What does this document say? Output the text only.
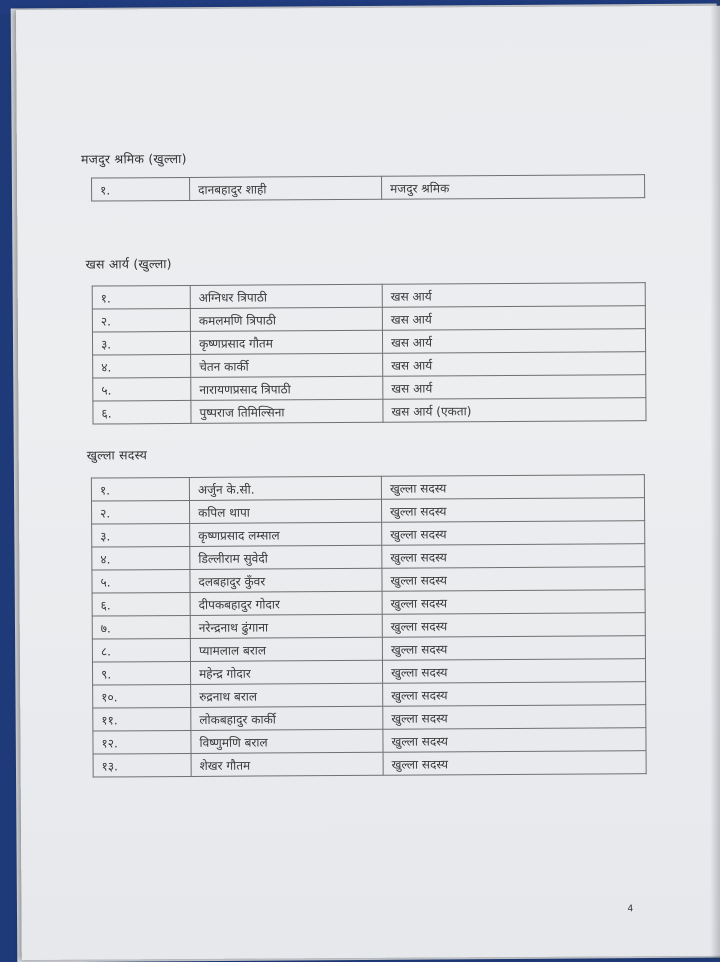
मजदुर श्रमिक (खुल्ला)
१.	दानबहादुर शाही	मजदुर श्रमिक
खस आर्य (खुल्ला)
१.	अग्निधर त्रिपाठी	खस आर्य
२.	कमलमणि त्रिपाठी	खस आर्य
३.	कृष्णप्रसाद गौतम	खस आर्य
४.	चेतन कार्की	खस आर्य
५.	नारायणप्रसाद त्रिपाठी	खस आर्य
६.	पुष्पराज तिमिल्सिना	खस आर्य (एकता)
खुल्ला सदस्य
१.	अर्जुन के.सी.	खुल्ला सदस्य
२.	कपिल थापा	खुल्ला सदस्य
३.	कृष्णप्रसाद लम्साल	खुल्ला सदस्य
४.	डिल्लीराम सुवेदी	खुल्ला सदस्य
५.	दलबहादुर कुँवर	खुल्ला सदस्य
६.	दीपकबहादुर गोदार	खुल्ला सदस्य
७.	नरेन्द्रनाथ ढुंगाना	खुल्ला सदस्य
८.	प्यामलाल बराल	खुल्ला सदस्य
९.	महेन्द्र गोदार	खुल्ला सदस्य
१०.	रुद्रनाथ बराल	खुल्ला सदस्य
११.	लोकबहादुर कार्की	खुल्ला सदस्य
१२.	विष्णुमणि बराल	खुल्ला सदस्य
१३.	शेखर गौतम	खुल्ला सदस्य
4
